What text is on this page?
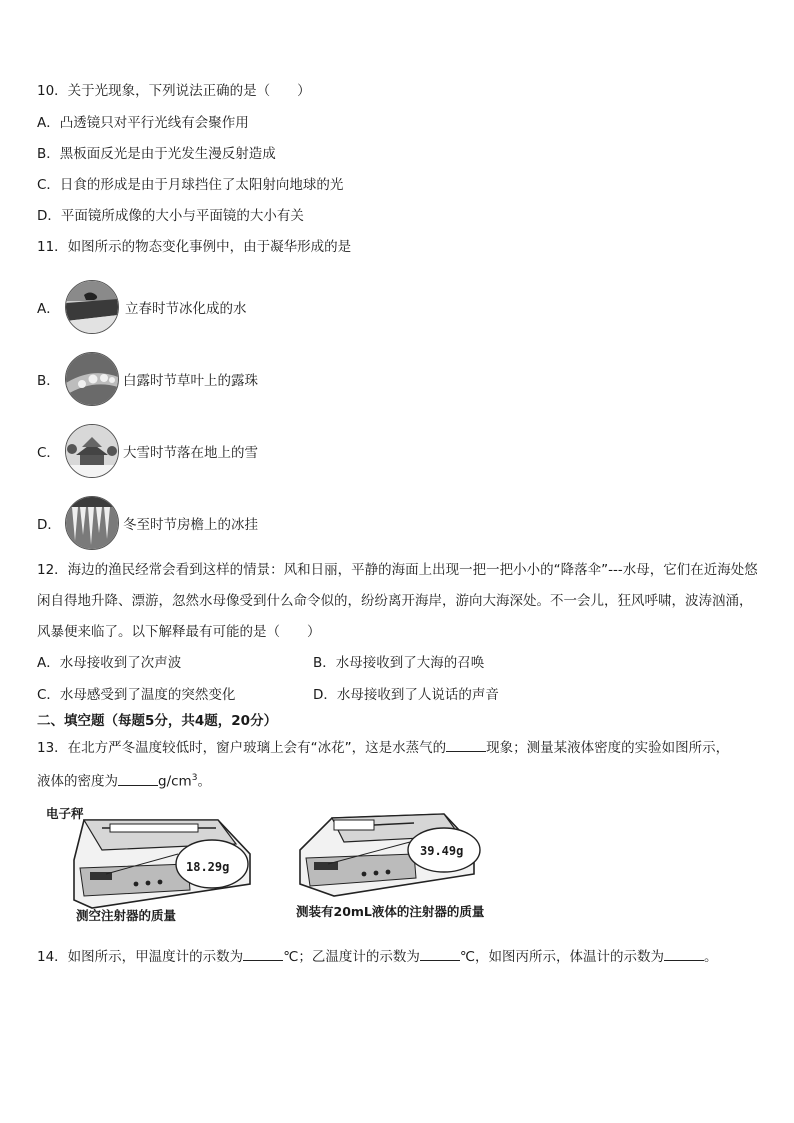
10．关于光现象，下列说法正确的是（　　）
A．凸透镜只对平行光线有会聚作用
B．黑板面反光是由于光发生漫反射造成
C．日食的形成是由于月球挡住了太阳射向地球的光
D．平面镜所成像的大小与平面镜的大小有关
11．如图所示的物态变化事例中，由于凝华形成的是
A．	立春时节冰化成的水
B．	白露时节草叶上的露珠
C．	大雪时节落在地上的雪
D．	冬至时节房檐上的冰挂
12．海边的渔民经常会看到这样的情景：风和日丽，平静的海面上出现一把一把小小的“降落伞”---水母，它们在近海处悠闲自得地升降、漂游，忽然水母像受到什么命令似的，纷纷离开海岸，游向大海深处。不一会儿，狂风呼啸，波涛汹涌，风暴便来临了。以下解释最有可能的是（　　）
A．水母接收到了次声波	B．水母接收到了大海的召唤
C．水母感受到了温度的突然变化	D．水母接收到了人说话的声音
二、填空题（每题5分，共4题，20分）
13．在北方严冬温度较低时，窗户玻璃上会有“冰花”，这是水蒸气的	现象；测量某液体密度的实验如图所示，
液体的密度为	$g/cm^3$。
电子秤
18.29g
测空注射器的质量
39.49g
测装有20mL液体的注射器的质量
14．如图所示，甲温度计的示数为	℃；乙温度计的示数为	℃，如图丙所示，体温计的示数为	。
